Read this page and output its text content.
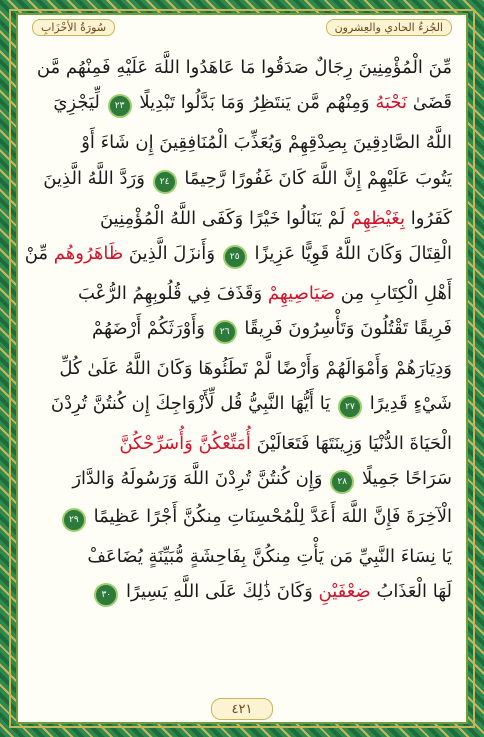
الجُزءُ الحادي والعِشرون
سُورَةُ الأحْزَابِ
مِّنَ الْمُؤْمِنِينَ رِجَالٌ صَدَقُوا مَا عَاهَدُوا اللَّهَ عَلَيْهِ فَمِنْهُم مَّن
قَضَىٰ نَحْبَهُ وَمِنْهُم مَّن يَنتَظِرُ وَمَا بَدَّلُوا تَبْدِيلًا ٢٣ لِّيَجْزِيَ
اللَّهُ الصَّادِقِينَ بِصِدْقِهِمْ وَيُعَذِّبَ الْمُنَافِقِينَ إِن شَاءَ أَوْ
يَتُوبَ عَلَيْهِمْ إِنَّ اللَّهَ كَانَ غَفُورًا رَّحِيمًا ٢٤ وَرَدَّ اللَّهُ الَّذِينَ
كَفَرُوا بِغَيْظِهِمْ لَمْ يَنَالُوا خَيْرًا وَكَفَى اللَّهُ الْمُؤْمِنِينَ
الْقِتَالَ وَكَانَ اللَّهُ قَوِيًّا عَزِيزًا ٢٥ وَأَنزَلَ الَّذِينَ ظَاهَرُوهُم مِّنْ
أَهْلِ الْكِتَابِ مِن صَيَاصِيهِمْ وَقَذَفَ فِي قُلُوبِهِمُ الرُّعْبَ
فَرِيقًا تَقْتُلُونَ وَتَأْسِرُونَ فَرِيقًا ٢٦ وَأَوْرَثَكُمْ أَرْضَهُمْ
وَدِيَارَهُمْ وَأَمْوَالَهُمْ وَأَرْضًا لَّمْ تَطَئُوهَا وَكَانَ اللَّهُ عَلَىٰ كُلِّ
شَيْءٍ قَدِيرًا ٢٧ يَا أَيُّهَا النَّبِيُّ قُل لِّأَزْوَاجِكَ إِن كُنتُنَّ تُرِدْنَ
الْحَيَاةَ الدُّنْيَا وَزِينَتَهَا فَتَعَالَيْنَ أُمَتِّعْكُنَّ وَأُسَرِّحْكُنَّ
سَرَاحًا جَمِيلًا ٢٨ وَإِن كُنتُنَّ تُرِدْنَ اللَّهَ وَرَسُولَهُ وَالدَّارَ
الْآخِرَةَ فَإِنَّ اللَّهَ أَعَدَّ لِلْمُحْسِنَاتِ مِنكُنَّ أَجْرًا عَظِيمًا ٢٩
يَا نِسَاءَ النَّبِيِّ مَن يَأْتِ مِنكُنَّ بِفَاحِشَةٍ مُّبَيِّنَةٍ يُضَاعَفْ
لَهَا الْعَذَابُ ضِعْفَيْنِ وَكَانَ ذَٰلِكَ عَلَى اللَّهِ يَسِيرًا ٣٠
٤٢١
